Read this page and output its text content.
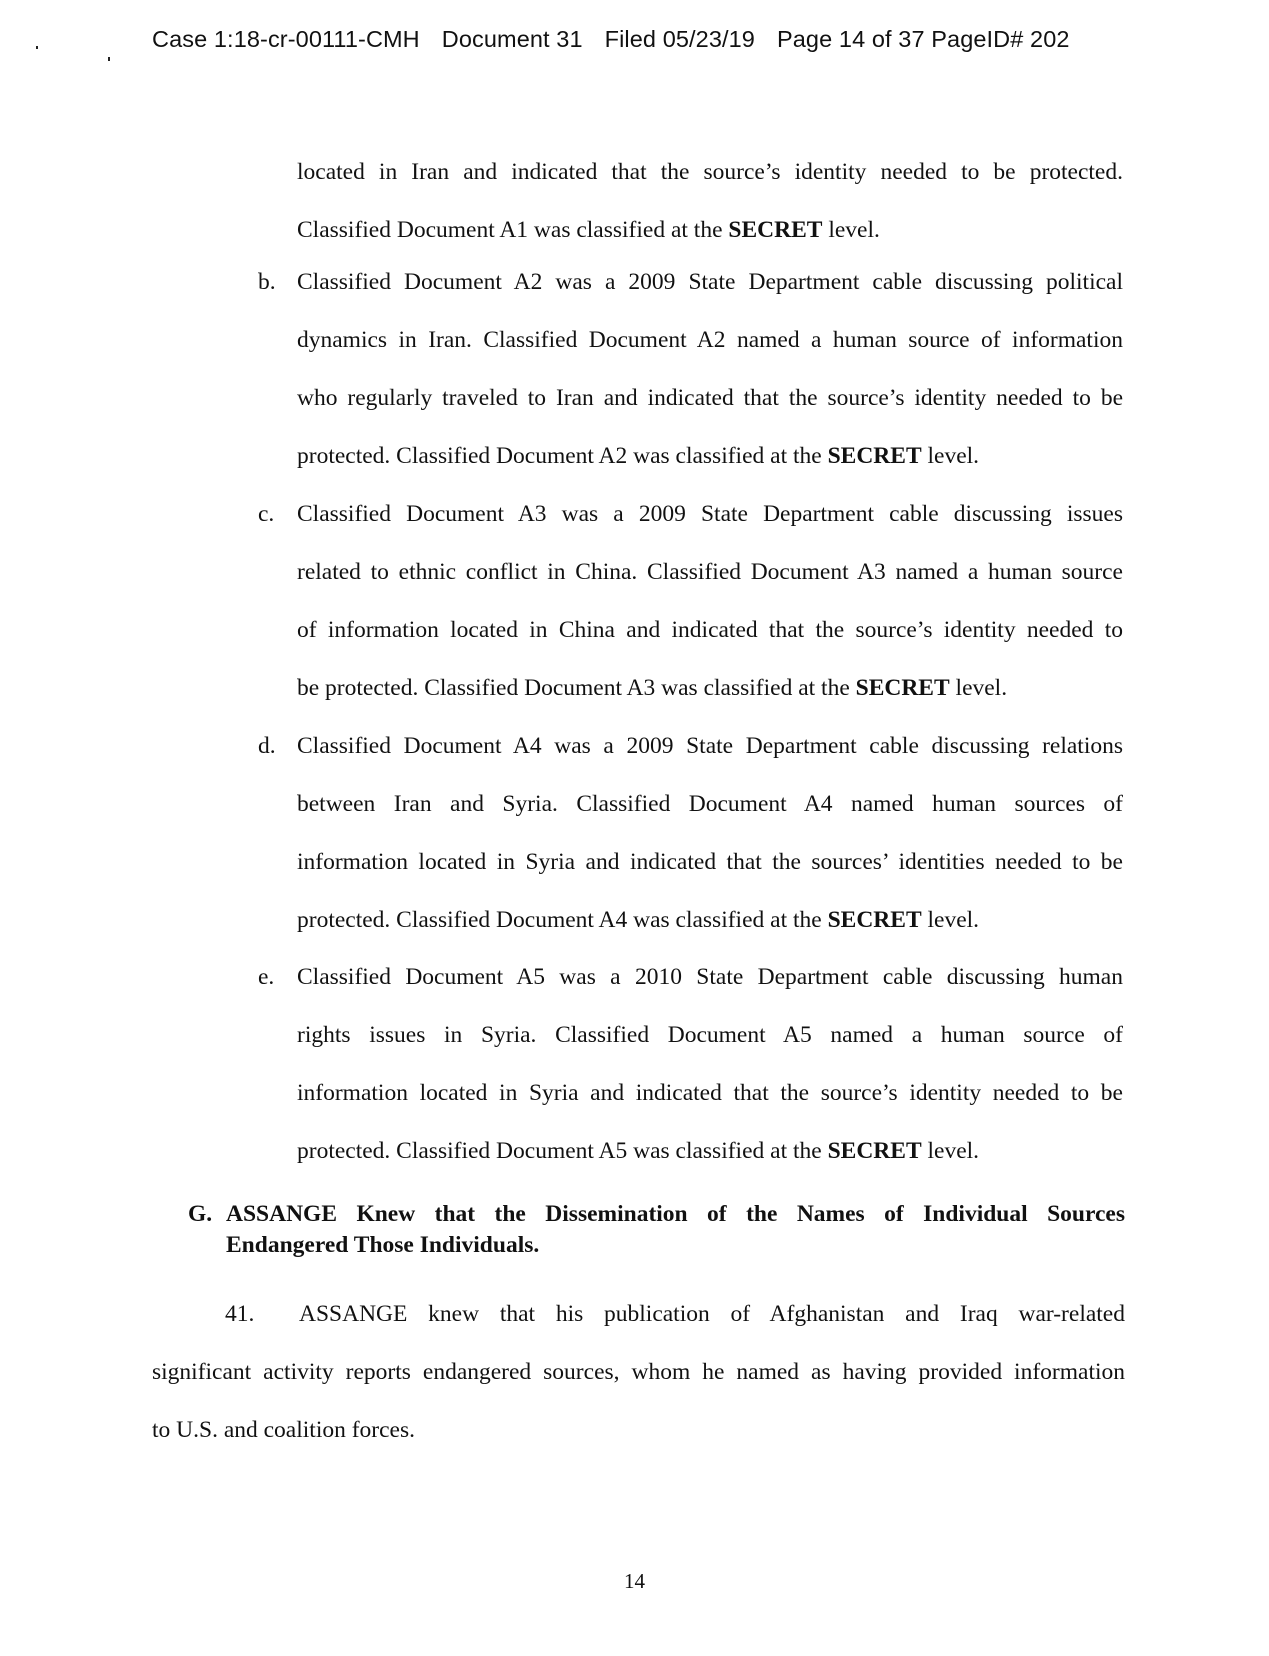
Case 1:18-cr-00111-CMH Document 31 Filed 05/23/19 Page 14 of 37 PageID# 202

located in Iran and indicated that the source’s identity needed to be protected.

Classified Document A1 was classified at the SECRET level.

b. Classified Document A2 was a 2009 State Department cable discussing political

dynamics in Iran. Classified Document A2 named a human source of information

who regularly traveled to Iran and indicated that the source’s identity needed to be

protected. Classified Document A2 was classified at the SECRET level.

c. Classified Document A3 was a 2009 State Department cable discussing issues

related to ethnic conflict in China. Classified Document A3 named a human source

of information located in China and indicated that the source’s identity needed to

be protected. Classified Document A3 was classified at the SECRET level.

d. Classified Document A4 was a 2009 State Department cable discussing relations

between Iran and Syria. Classified Document A4 named human sources of

information located in Syria and indicated that the sources’ identities needed to be

protected. Classified Document A4 was classified at the SECRET level.

e. Classified Document A5 was a 2010 State Department cable discussing human

rights issues in Syria. Classified Document A5 named a human source of

information located in Syria and indicated that the source’s identity needed to be

protected. Classified Document A5 was classified at the SECRET level.

G. ASSANGE Knew that the Dissemination of the Names of Individual Sources
Endangered Those Individuals.

41. ASSANGE knew that his publication of Afghanistan and Iraq war-related

significant activity reports endangered sources, whom he named as having provided information

to U.S. and coalition forces.

14
